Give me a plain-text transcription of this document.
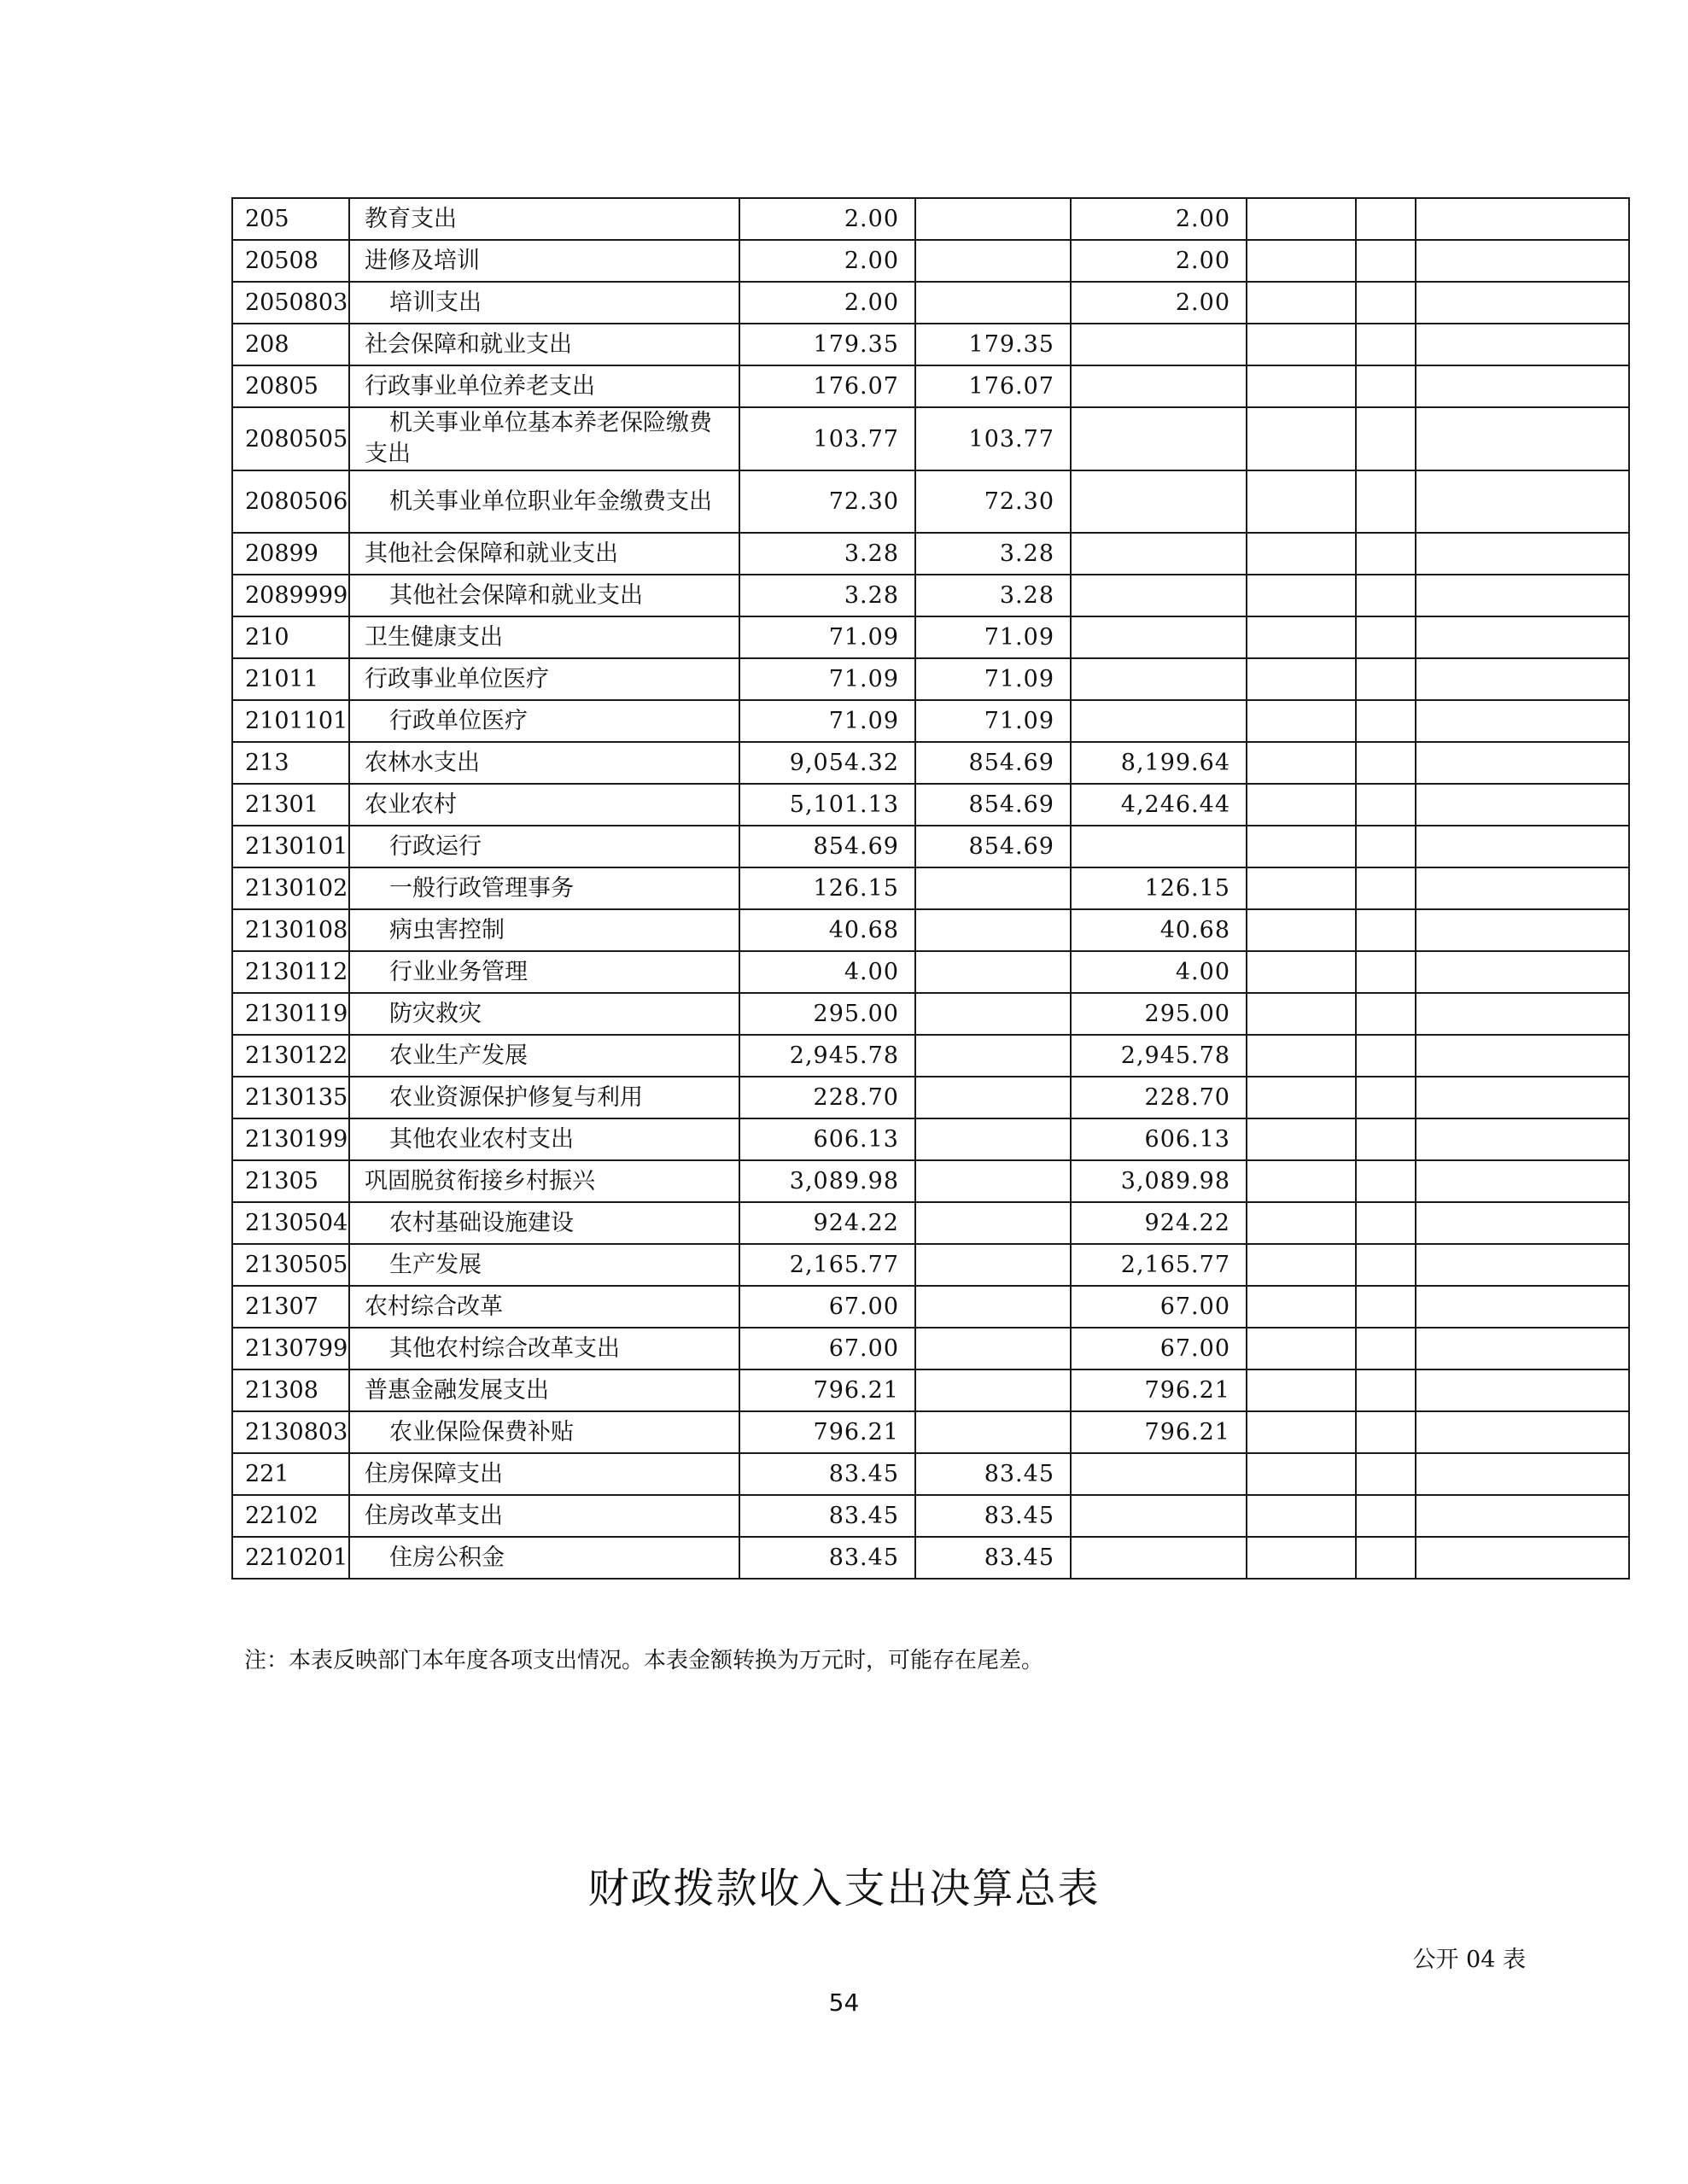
205	教育支出	2.00		2.00			
20508	进修及培训	2.00		2.00			
2050803	培训支出	2.00		2.00			
208	社会保障和就业支出	179.35	179.35				
20805	行政事业单位养老支出	176.07	176.07				
2080505	机关事业单位基本养老保险缴费支出	103.77	103.77				
2080506	机关事业单位职业年金缴费支出	72.30	72.30				
20899	其他社会保障和就业支出	3.28	3.28				
2089999	其他社会保障和就业支出	3.28	3.28				
210	卫生健康支出	71.09	71.09				
21011	行政事业单位医疗	71.09	71.09				
2101101	行政单位医疗	71.09	71.09				
213	农林水支出	9,054.32	854.69	8,199.64			
21301	农业农村	5,101.13	854.69	4,246.44			
2130101	行政运行	854.69	854.69				
2130102	一般行政管理事务	126.15		126.15			
2130108	病虫害控制	40.68		40.68			
2130112	行业业务管理	4.00		4.00			
2130119	防灾救灾	295.00		295.00			
2130122	农业生产发展	2,945.78		2,945.78			
2130135	农业资源保护修复与利用	228.70		228.70			
2130199	其他农业农村支出	606.13		606.13			
21305	巩固脱贫衔接乡村振兴	3,089.98		3,089.98			
2130504	农村基础设施建设	924.22		924.22			
2130505	生产发展	2,165.77		2,165.77			
21307	农村综合改革	67.00		67.00			
2130799	其他农村综合改革支出	67.00		67.00			
21308	普惠金融发展支出	796.21		796.21			
2130803	农业保险保费补贴	796.21		796.21			
221	住房保障支出	83.45	83.45				
22102	住房改革支出	83.45	83.45				
2210201	住房公积金	83.45	83.45				
注：本表反映部门本年度各项支出情况。本表金额转换为万元时，可能存在尾差。
财政拨款收入支出决算总表
公开 04 表
54
